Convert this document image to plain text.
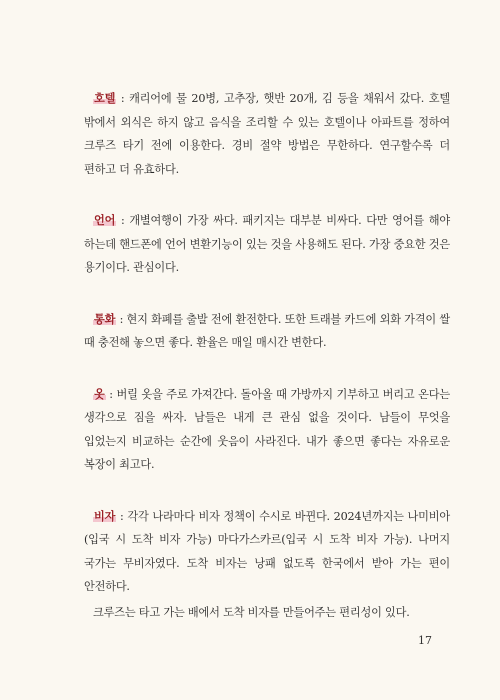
호텔 : 캐리어에 물 20병, 고추장, 햇반 20개, 김 등을 채워서 갔다. 호텔 밖에서 외식은 하지 않고 음식을 조리할 수 있는 호텔이나 아파트를 정하여 크루즈 타기 전에 이용한다. 경비 절약 방법은 무한하다. 연구할수록 더 편하고 더 유효하다.

언어 : 개별여행이 가장 싸다. 패키지는 대부분 비싸다. 다만 영어를 해야 하는데 핸드폰에 언어 변환기능이 있는 것을 사용해도 된다. 가장 중요한 것은 용기이다. 관심이다.

통화 : 현지 화폐를 출발 전에 환전한다. 또한 트래블 카드에 외화 가격이 쌀 때 충전해 놓으면 좋다. 환율은 매일 매시간 변한다.

옷 : 버릴 옷을 주로 가져간다. 돌아올 때 가방까지 기부하고 버리고 온다는 생각으로 짐을 싸자. 남들은 내게 큰 관심 없을 것이다. 남들이 무엇을 입었는지 비교하는 순간에 웃음이 사라진다. 내가 좋으면 좋다는 자유로운 복장이 최고다.

비자 : 각각 나라마다 비자 정책이 수시로 바뀐다. 2024년까지는 나미비아(입국 시 도착 비자 가능) 마다가스카르(입국 시 도착 비자 가능). 나머지 국가는 무비자였다. 도착 비자는 낭패 없도록 한국에서 받아 가는 편이 안전하다.

크루즈는 타고 가는 배에서 도착 비자를 만들어주는 편리성이 있다.

17
